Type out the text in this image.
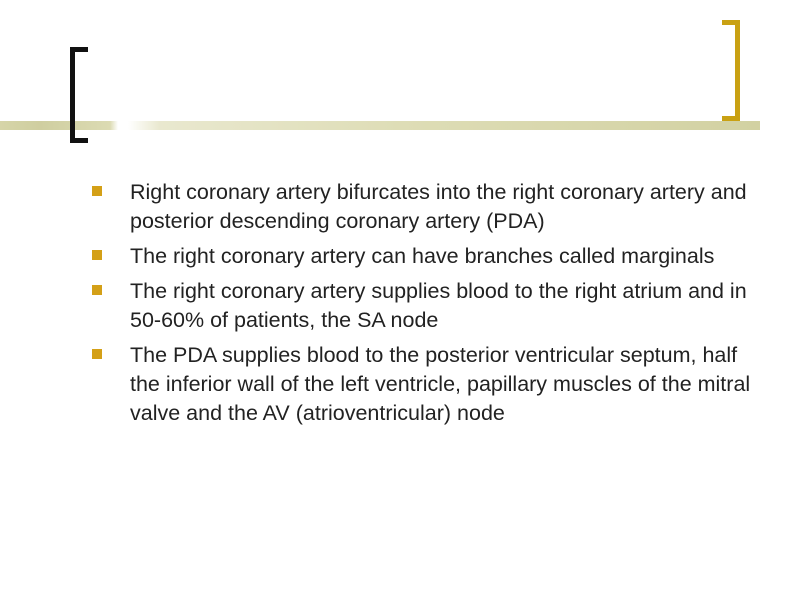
Right coronary artery bifurcates into the right coronary artery and posterior descending coronary artery (PDA)
The right coronary artery can have branches called marginals
The right coronary artery supplies blood to the right atrium and in 50-60% of patients, the SA node
The PDA supplies blood to the posterior ventricular septum, half the inferior wall of the left ventricle, papillary muscles of the mitral valve and the AV (atrioventricular) node
